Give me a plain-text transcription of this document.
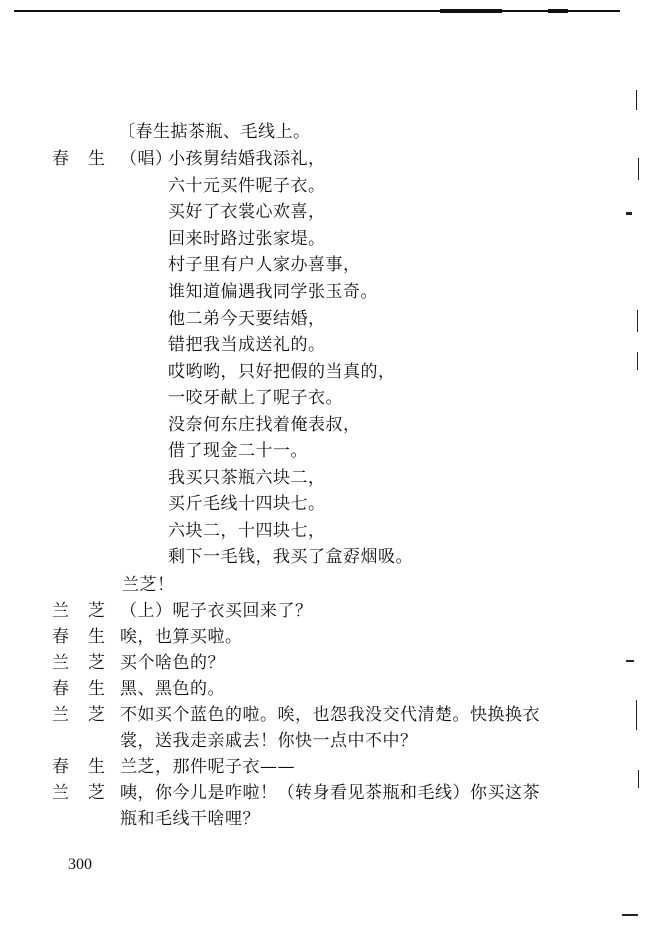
〔春生掂茶瓶、毛线上。
春 生 （唱）
小孩舅结婚我添礼，
六十元买件呢子衣。
买好了衣裳心欢喜，
回来时路过张家堤。
村子里有户人家办喜事，
谁知道偏遇我同学张玉奇。
他二弟今天要结婚，
错把我当成送礼的。
哎哟哟，只好把假的当真的，
一咬牙献上了呢子衣。
没奈何东庄找着俺表叔，
借了现金二十一。
我买只茶瓶六块二，
买斤毛线十四块七。
六块二，十四块七，
剩下一毛钱，我买了盒孬烟吸。
兰芝！
兰 芝 （上）呢子衣买回来了？
春 生 唉，也算买啦。
兰 芝 买个啥色的？
春 生 黑、黑色的。
兰 芝 不如买个蓝色的啦。唉，也怨我没交代清楚。快换换衣
裳，送我走亲戚去！你快一点中不中？
春 生 兰芝，那件呢子衣——
兰 芝 咦，你今儿是咋啦！（转身看见茶瓶和毛线）你买这茶
瓶和毛线干啥哩？
300
